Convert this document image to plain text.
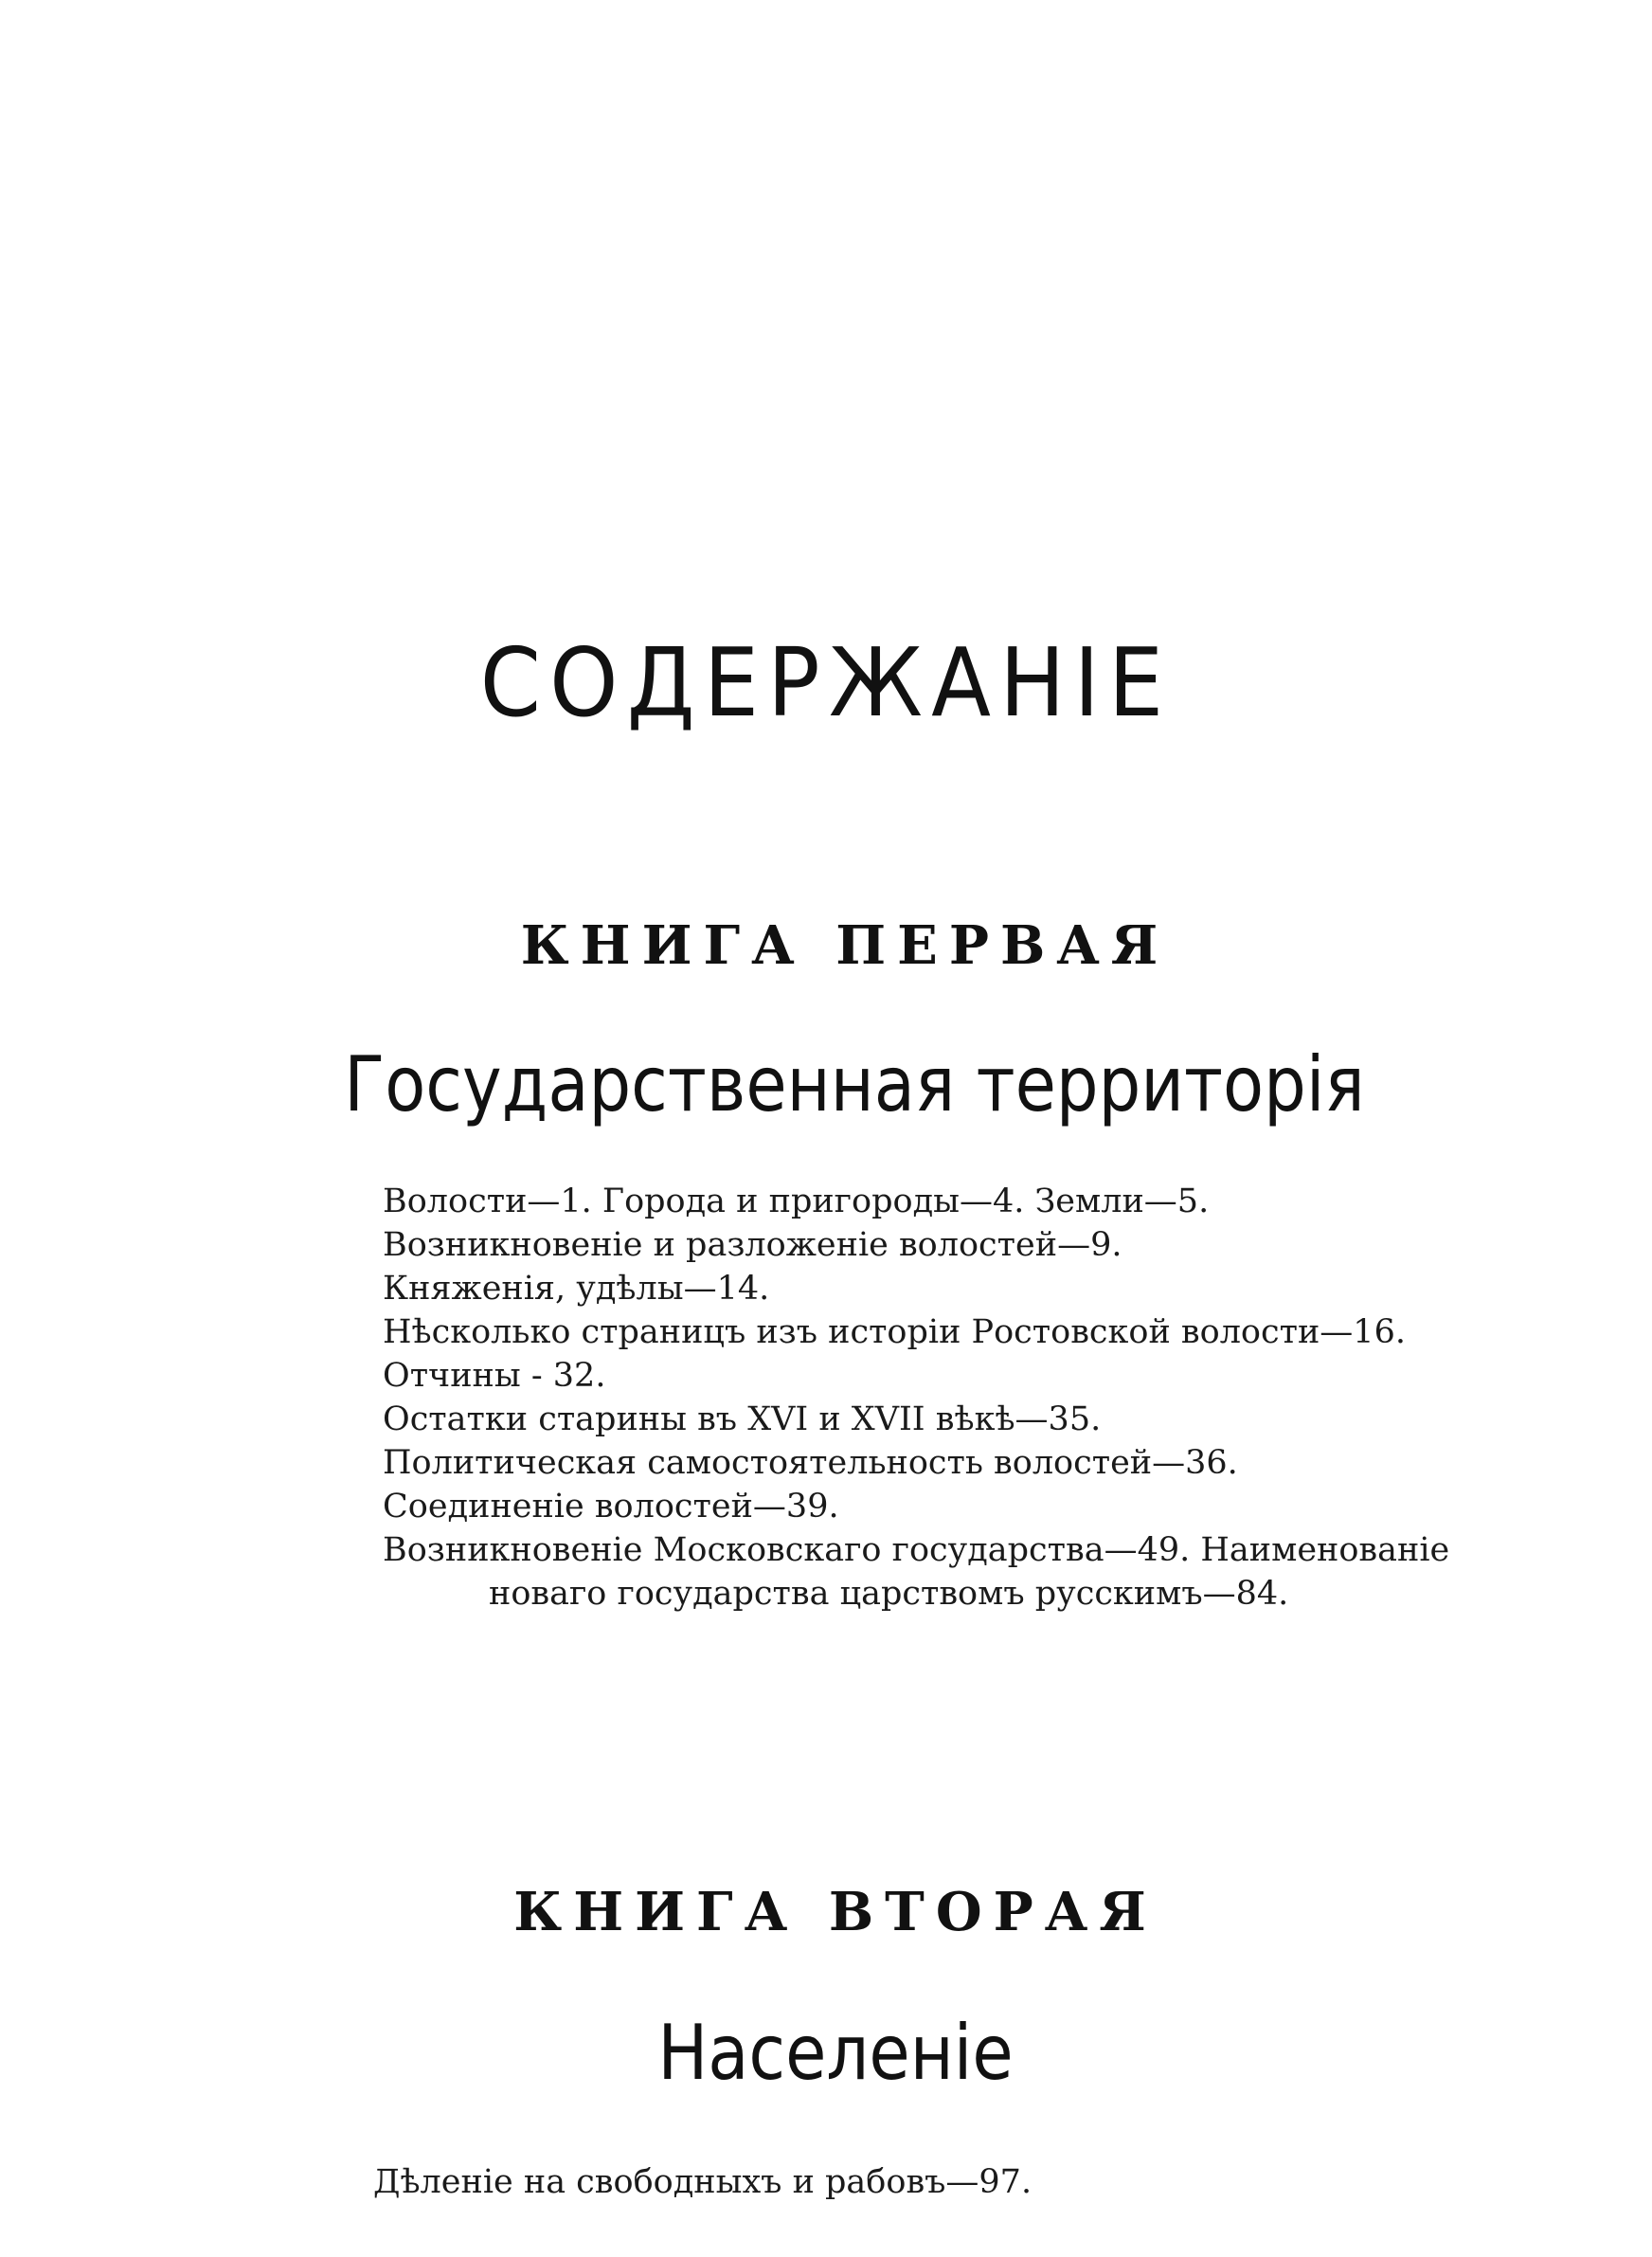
СОДЕРЖАНІЕ
КНИГА ПЕРВАЯ
Государственная территорія
Волости—1. Города и пригороды—4. Земли—5.
Возникновеніе и разложеніе волостей—9.
Княженія, удѣлы—14.
Нѣсколько страницъ изъ исторіи Ростовской волости—16.
Отчины - 32.
Остатки старины въ XVI и XVII вѣкѣ—35.
Политическая самостоятельность волостей—36.
Соединеніе волостей—39.
Возникновеніе Московскаго государства—49. Наименованіе новаго государства царствомъ русскимъ—84.
КНИГА ВТОРАЯ
Населеніе
Дѣленіе на свободныхъ и рабовъ—97.
